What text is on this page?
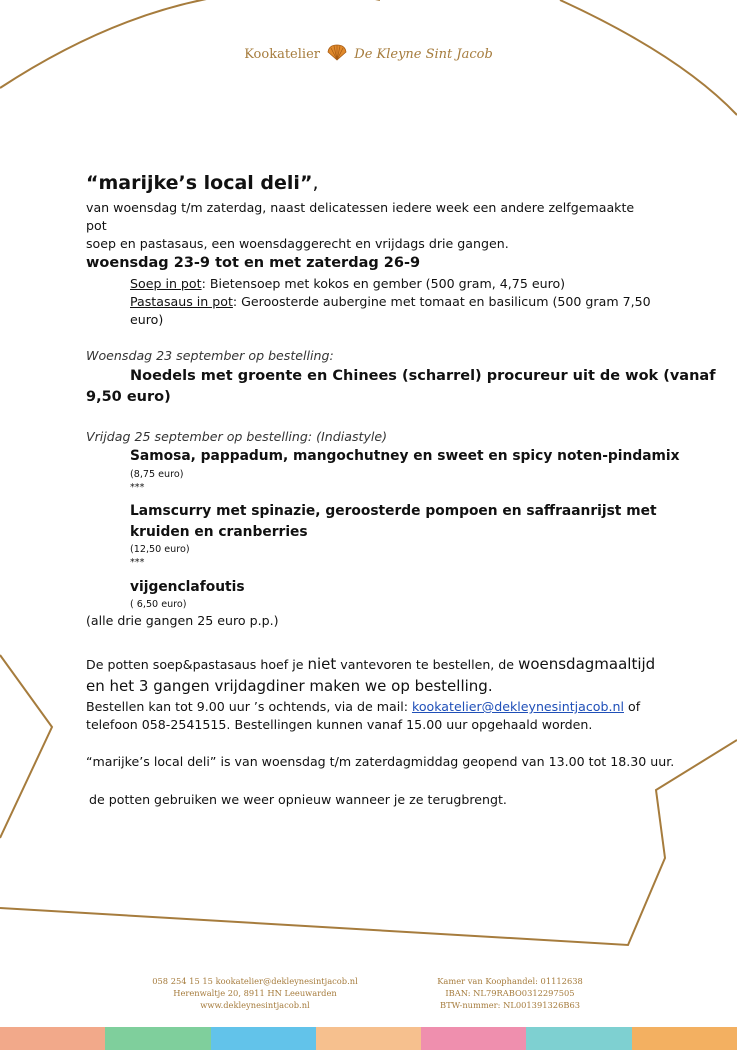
Kookatelier	De Kleyne Sint Jacob
“marijke’s local deli”,
van woensdag t/m zaterdag, naast delicatessen iedere week een andere zelfgemaakte pot
soep en pastasaus, een woensdaggerecht en vrijdags drie gangen.
woensdag 23-9 tot en met zaterdag 26-9
Soep in pot: Bietensoep met kokos en gember (500 gram, 4,75 euro)
Pastasaus in pot: Geroosterde aubergine met tomaat en basilicum (500 gram 7,50
euro)
Woensdag 23 september op bestelling:
Noedels met groente en Chinees (scharrel) procureur uit de wok (vanaf
9,50 euro)
Vrijdag 25 september op bestelling: (Indiastyle)
Samosa, pappadum, mangochutney en sweet en spicy noten-pindamix
(8,75 euro)
***
Lamscurry met spinazie, geroosterde pompoen en saffraanrijst met
kruiden en cranberries
(12,50 euro)
***
vijgenclafoutis
( 6,50 euro)
(alle drie gangen 25 euro p.p.)
De potten soep&pastasaus hoef je niet vantevoren te bestellen, de woensdagmaaltijd
en het 3 gangen vrijdagdiner maken we op bestelling.
Bestellen kan tot 9.00 uur ’s ochtends, via de mail: kookatelier@dekleynesintjacob.nl of
telefoon 058-2541515. Bestellingen kunnen vanaf 15.00 uur opgehaald worden.
“marijke’s local deli” is van woensdag t/m zaterdagmiddag geopend van 13.00 tot 18.30 uur.
de potten gebruiken we weer opnieuw wanneer je ze terugbrengt.
058 254 15 15 kookatelier@dekleynesintjacob.nl
Herenwaltje 20, 8911 HN Leeuwarden
www.dekleynesintjacob.nl
Kamer van Koophandel: 01112638
IBAN: NL79RABO0312297505
BTW-nummer: NL001391326B63
